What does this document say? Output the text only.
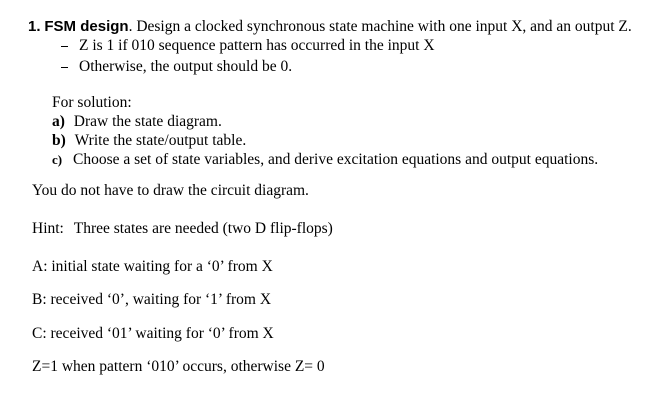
1. FSM design. Design a clocked synchronous state machine with one input X, and an output Z.
Z is 1 if 010 sequence pattern has occurred in the input X
Otherwise, the output should be 0.
For solution:
a) Draw the state diagram.
b) Write the state/output table.
c) Choose a set of state variables, and derive excitation equations and output equations.
You do not have to draw the circuit diagram.
Hint: Three states are needed (two D flip-flops)
A: initial state waiting for a ‘0’ from X
B: received ‘0’, waiting for ‘1’ from X
C: received ‘01’ waiting for ‘0’ from X
Z=1 when pattern ‘010’ occurs, otherwise Z= 0
